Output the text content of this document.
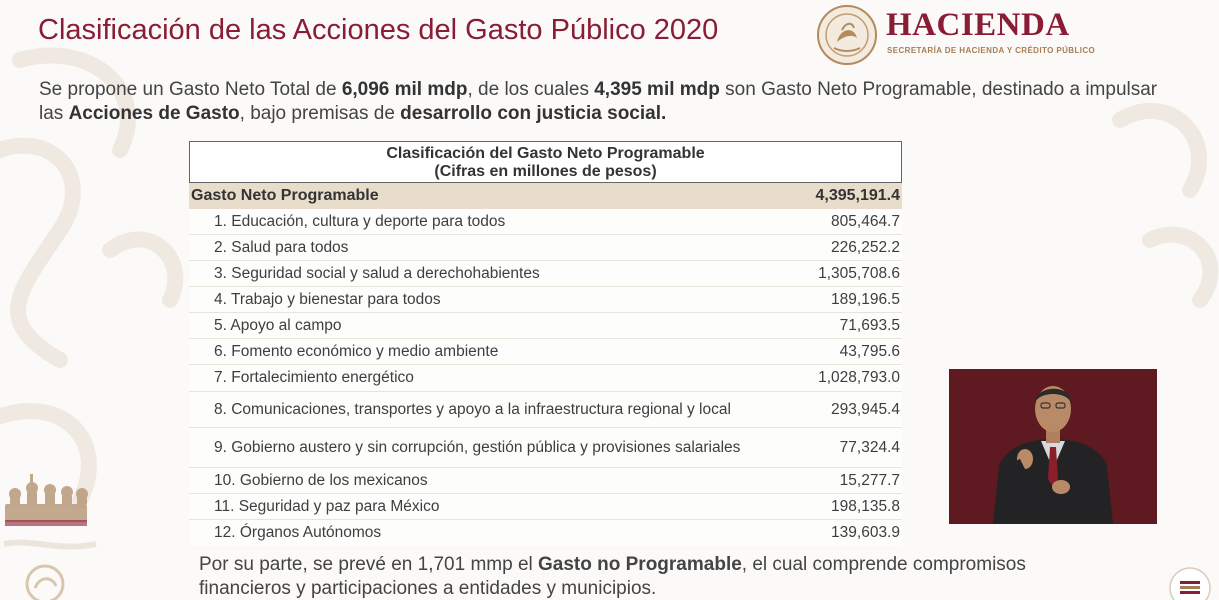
Clasificación de las Acciones del Gasto Público 2020	HACIENDA
SECRETARÍA DE HACIENDA Y CRÉDITO PÚBLICO
Se propone un Gasto Neto Total de 6,096 mil mdp, de los cuales 4,395 mil mdp son Gasto Neto Programable, destinado a impulsar las Acciones de Gasto, bajo premisas de desarrollo con justicia social.
Clasificación del Gasto Neto Programable
(Cifras en millones de pesos)
Gasto Neto Programable	4,395,191.4
1. Educación, cultura y deporte para todos	805,464.7
2. Salud para todos	226,252.2
3. Seguridad social y salud a derechohabientes	1,305,708.6
4. Trabajo y bienestar para todos	189,196.5
5. Apoyo al campo	71,693.5
6. Fomento económico y medio ambiente	43,795.6
7. Fortalecimiento energético	1,028,793.0
8. Comunicaciones, transportes y apoyo a la infraestructura regional y local	293,945.4
9. Gobierno austero y sin corrupción, gestión pública y provisiones salariales	77,324.4
10. Gobierno de los mexicanos	15,277.7
11. Seguridad y paz para México	198,135.8
12. Órganos Autónomos	139,603.9
Por su parte, se prevé en 1,701 mmp el Gasto no Programable, el cual comprende compromisos financieros y participaciones a entidades y municipios.
